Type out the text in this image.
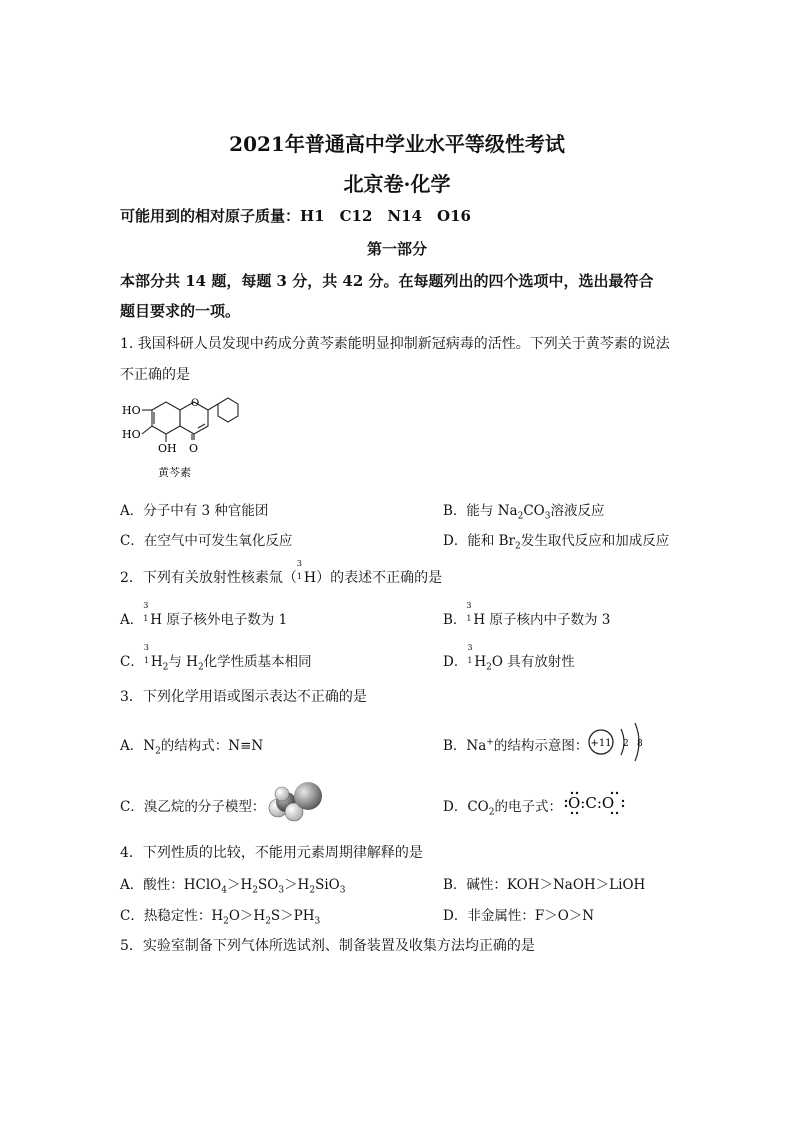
2021年普通高中学业水平等级性考试
北京卷·化学
可能用到的相对原子质量：H1　C12　N14　O16
第一部分
本部分共 14 题，每题 3 分，共 42 分。在每题列出的四个选项中，选出最符合
题目要求的一项。
1. 我国科研人员发现中药成分黄芩素能明显抑制新冠病毒的活性。下列关于黄芩素的说法
不正确的是
HO
HO
OH O
O
黄芩素
A．分子中有 3 种官能团	B．能与 $Na_2CO_3$溶液反应
C．在空气中可发生氧化反应	D．能和 $Br_2$发生取代反应和加成反应
2．下列有关放射性核素氚（
3
1 H）的表述不正确的是
A．
3
1 H 原子核外电子数为 1	B．
3
1 H 原子核内中子数为 3
C．
3
1 $H_2$与 $H_2$化学性质基本相同	D．
3
1 $H_2O$ 具有放射性
3．下列化学用语或图示表达不正确的是
A．$N_2$的结构式：N≡N	B．Na+的结构示意图： +11 2 8
C．溴乙烷的分子模型：	D．$CO_2$的电子式： O:C:O
4．下列性质的比较，不能用元素周期律解释的是
A．酸性：$HClO_4>H_2SO_3>H_2SiO_3$	B．碱性：KOH＞NaOH＞LiOH
C．热稳定性：$H_2O>H_2S>PH_3$	D．非金属性：F＞O＞N
5．实验室制备下列气体所选试剂、制备装置及收集方法均正确的是
